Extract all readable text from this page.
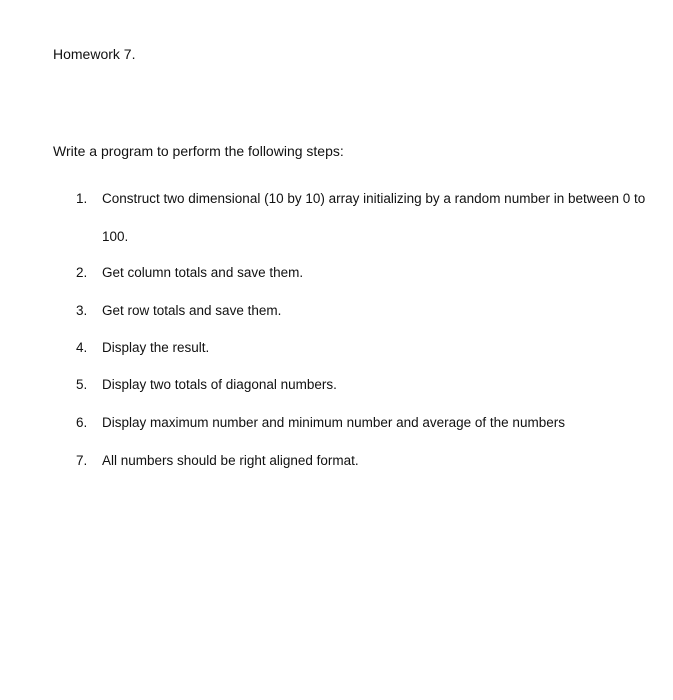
Homework 7.
Write a program to perform the following steps:
1. Construct two dimensional (10 by 10) array initializing by a random number in between 0 to
100.
2. Get column totals and save them.
3. Get row totals and save them.
4. Display the result.
5. Display two totals of diagonal numbers.
6. Display maximum number and minimum number and average of the numbers
7. All numbers should be right aligned format.
